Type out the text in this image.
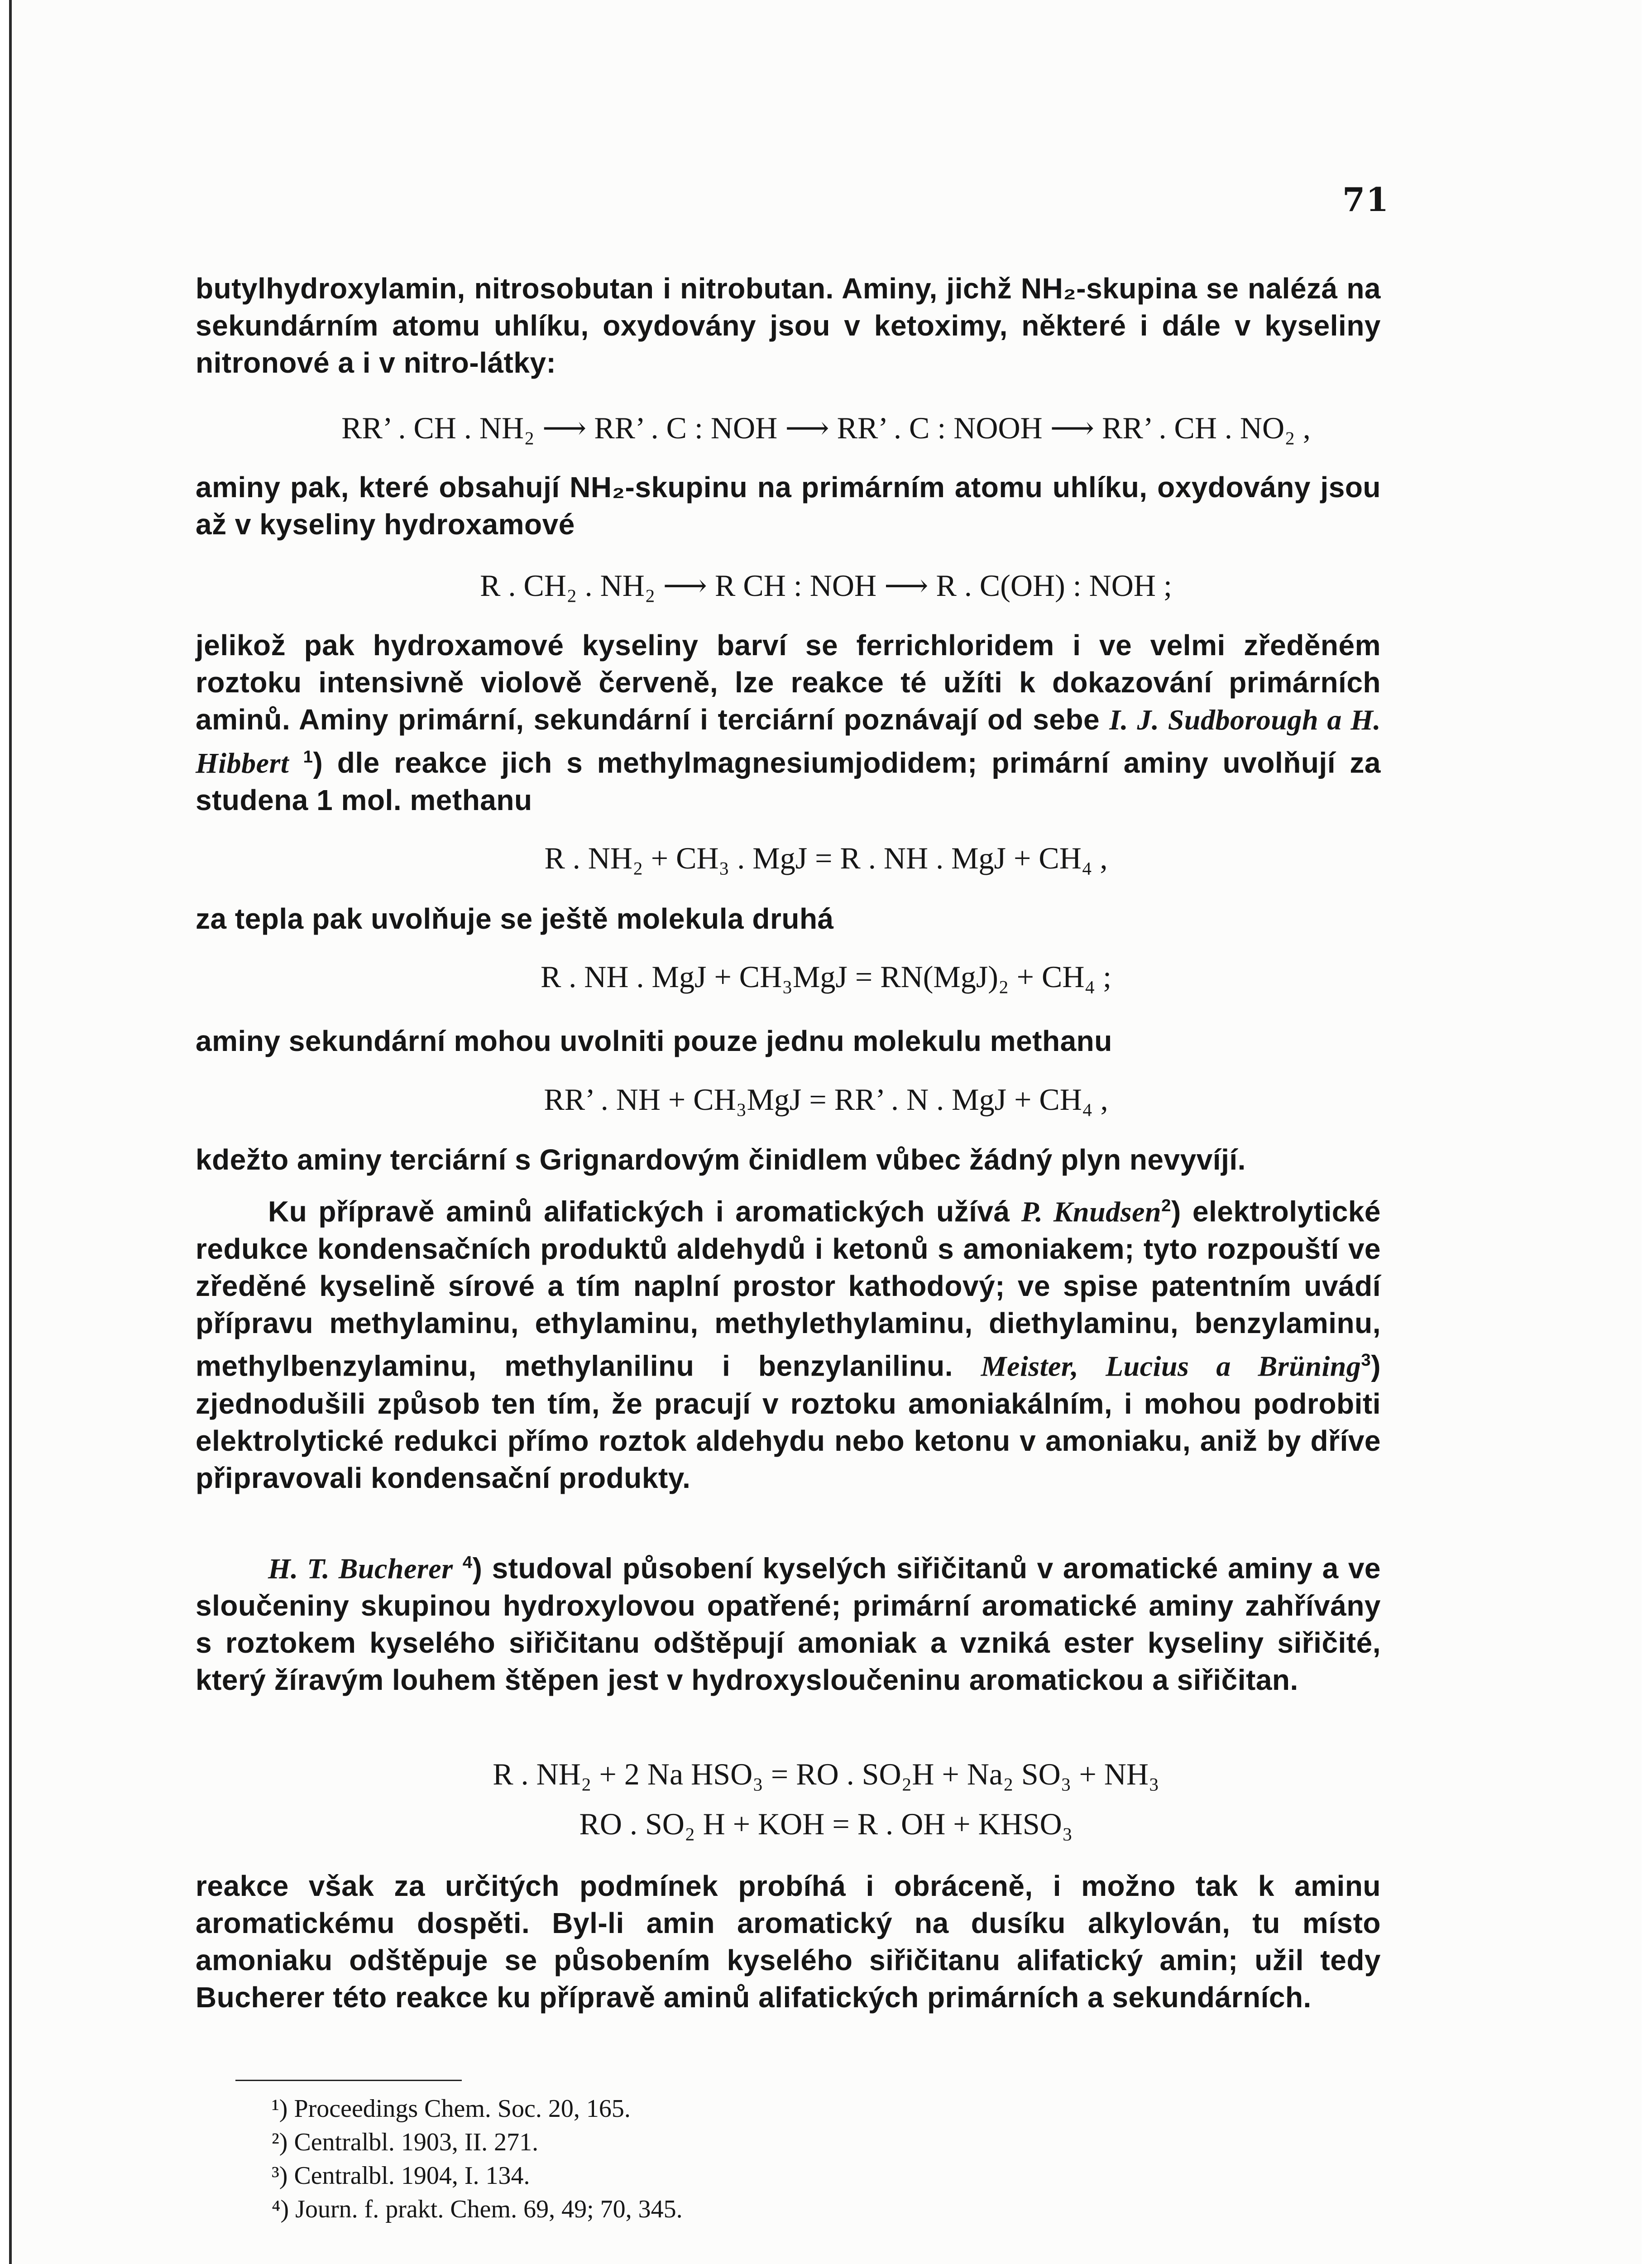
71

butylhydroxylamin, nitrosobutan i nitrobutan. Aminy, jichž NH₂-skupina se nalézá na sekundárním atomu uhlíku, oxydovány jsou v ketoximy, některé i dále v kyseliny nitronové a i v nitro-látky:

RR’ . CH . NH₂ ⟶ RR’ . C : NOH ⟶ RR’ . C : NOOH ⟶ RR’ . CH . NO₂ ,

aminy pak, které obsahují NH₂-skupinu na primárním atomu uhlíku, oxydovány jsou až v kyseliny hydroxamové

R . CH₂ . NH₂ ⟶ R CH : NOH ⟶ R . C(OH) : NOH ;

jelikož pak hydroxamové kyseliny barví se ferrichloridem i ve velmi zředěném roztoku intensivně violově červeně, lze reakce té užíti k dokazování primárních aminů. Aminy primární, sekundární i terciární poznávají od sebe I. J. Sudborough a H. Hibbert $^1$) dle reakce jich s methylmagnesiumjodidem; primární aminy uvolňují za studena 1 mol. methanu

R . NH₂ + CH₃ . MgJ = R . NH . MgJ + CH₄ ,

za tepla pak uvolňuje se ještě molekula druhá

R . NH . MgJ + CH₃MgJ = RN(MgJ)₂ + CH₄ ;

aminy sekundární mohou uvolniti pouze jednu molekulu methanu

RR’ . NH + CH₃MgJ = RR’ . N . MgJ + CH₄ ,

kdežto aminy terciární s Grignardovým činidlem vůbec žádný plyn nevyvíjí.

Ku přípravě aminů alifatických i aromatických užívá P. Knudsen$^2$) elektrolytické redukce kondensačních produktů aldehydů i ketonů s amoniakem; tyto rozpouští ve zředěné kyselině sírové a tím naplní prostor kathodový; ve spise patentním uvádí přípravu methylaminu, ethylaminu, methylethylaminu, diethylaminu, benzylaminu, methylbenzylaminu, methylanilinu i benzylanilinu. Meister, Lucius a Brüning$^3$) zjednodušili způsob ten tím, že pracují v roztoku amoniakálním, i mohou podrobiti elektrolytické redukci přímo roztok aldehydu nebo ketonu v amoniaku, aniž by dříve připravovali kondensační produkty.

H. T. Bucherer $^4$) studoval působení kyselých siřičitanů v aromatické aminy a ve sloučeniny skupinou hydroxylovou opatřené; primární aromatické aminy zahřívány s roztokem kyselého siřičitanu odštěpují amoniak a vzniká ester kyseliny siřičité, který žíravým louhem štěpen jest v hydroxysloučeninu aromatickou a siřičitan.

R . NH₂ + 2 Na HSO₃ = RO . SO₂H + Na₂ SO₃ + NH₃
RO . SO₂ H + KOH = R . OH + KHSO₃

reakce však za určitých podmínek probíhá i obráceně, i možno tak k aminu aromatickému dospěti. Byl-li amin aromatický na dusíku alkylován, tu místo amoniaku odštěpuje se působením kyselého siřičitanu alifatický amin; užil tedy Bucherer této reakce ku přípravě aminů alifatických primárních a sekundárních.

¹) Proceedings Chem. Soc. 20, 165.
²) Centralbl. 1903, II. 271.
³) Centralbl. 1904, I. 134.
⁴) Journ. f. prakt. Chem. 69, 49; 70, 345.
